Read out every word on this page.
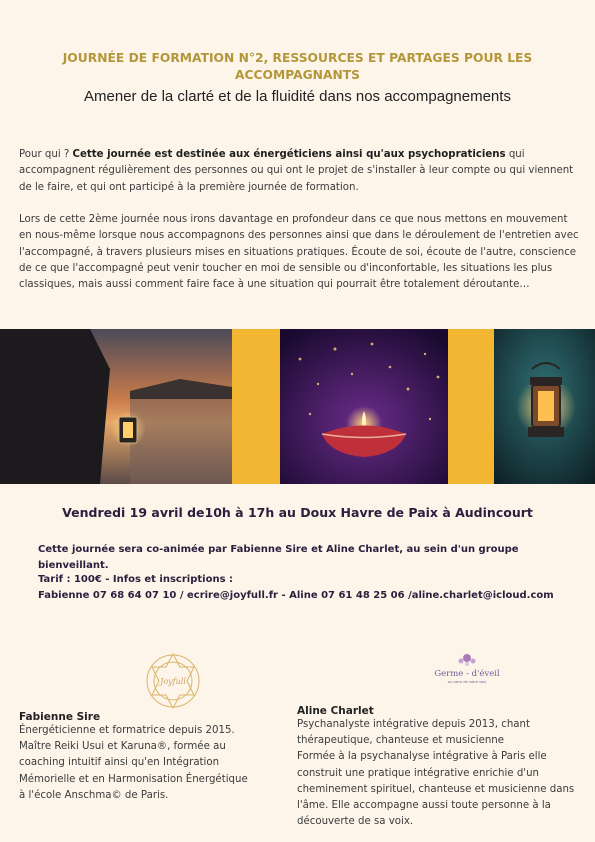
JOURNÉE DE FORMATION N°2, RESSOURCES ET PARTAGES POUR LES
ACCOMPAGNANTS
Amener de la clarté et de la fluidité dans nos accompagnements
Pour qui ? Cette journée est destinée aux énergéticiens ainsi qu'aux psychopraticiens qui accompagnent régulièrement des personnes ou qui ont le projet de s'installer à leur compte ou qui viennent de le faire, et qui ont participé à la première journée de formation.
Lors de cette 2ème journée nous irons davantage en profondeur dans ce que nous mettons en mouvement en nous-même lorsque nous accompagnons des personnes ainsi que dans le déroulement de l'entretien avec l'accompagné, à travers plusieurs mises en situations pratiques. Écoute de soi, écoute de l'autre, conscience de ce que l'accompagné peut venir toucher en moi de sensible ou d'inconfortable, les situations les plus classiques, mais aussi comment faire face à une situation qui pourrait être totalement déroutante…
Vendredi 19 avril de10h à 17h au Doux Havre de Paix à Audincourt
Cette journée sera co-animée par Fabienne Sire et Aline Charlet, au sein d'un groupe bienveillant.
Tarif : 100€ - Infos et inscriptions :
Fabienne 07 68 64 07 10 / ecrire@joyfull.fr - Aline 07 61 48 25 06 /aline.charlet@icloud.com
Joyfull
Germe - d'éveil
au cœur de votre voix
Fabienne Sire
Énergéticienne et formatrice depuis 2015.
Maître Reiki Usui et Karuna®, formée au
coaching intuitif ainsi qu'en Intégration
Mémorielle et en Harmonisation Énergétique
à l'école Anschma© de Paris.
Aline Charlet
Psychanalyste intégrative depuis 2013, chant
thérapeutique, chanteuse et musicienne
Formée à la psychanalyse intégrative à Paris elle
construit une pratique intégrative enrichie d'un
cheminement spirituel, chanteuse et musicienne dans
l'âme. Elle accompagne aussi toute personne à la
découverte de sa voix.
